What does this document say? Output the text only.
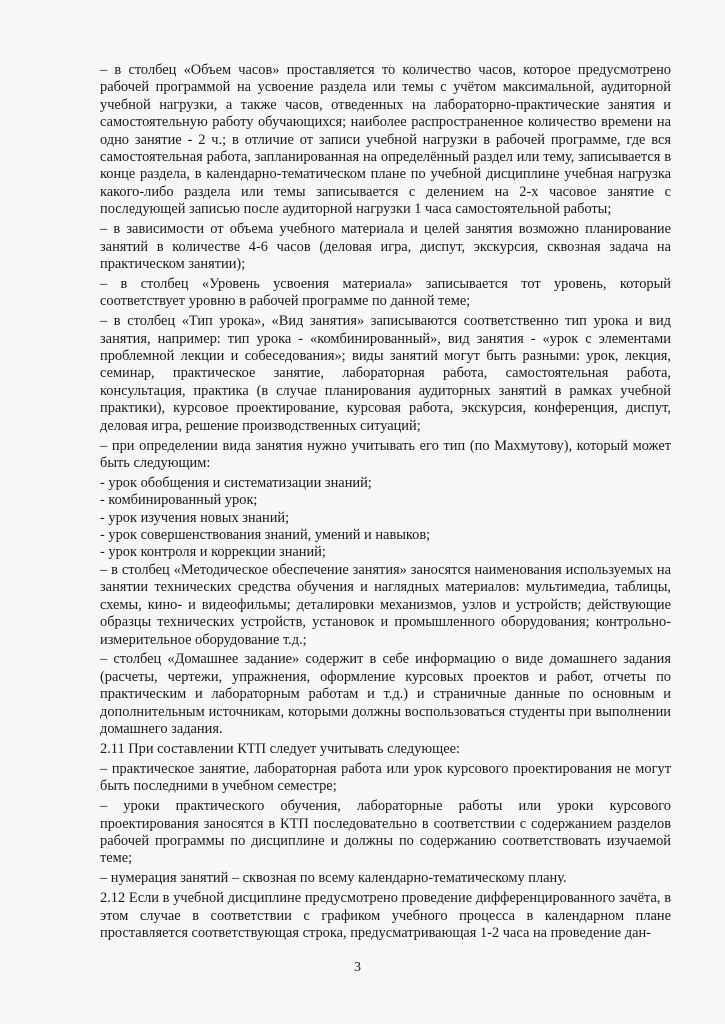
– в столбец «Объем часов» проставляется то количество часов, которое предусмотрено рабочей программой на усвоение раздела или темы с учётом максимальной, аудиторной учебной нагрузки, а также часов, отведенных на лабораторно-практические занятия и самостоятельную работу обучающихся; наиболее распространенное количество времени на одно занятие - 2 ч.; в отличие от записи учебной нагрузки в рабочей программе, где вся самостоятельная работа, запланированная на определённый раздел или тему, записывается в конце раздела, в календарно-тематическом плане по учебной дисциплине учебная нагрузка какого-либо раздела или темы записывается с делением на 2-х часовое занятие с последующей записью после аудиторной нагрузки 1 часа самостоятельной работы;

– в зависимости от объема учебного материала и целей занятия возможно планирование занятий в количестве 4-6 часов (деловая игра, диспут, экскурсия, сквозная задача на практическом занятии);

– в столбец «Уровень усвоения материала» записывается тот уровень, который соответствует уровню в рабочей программе по данной теме;

– в столбец «Тип урока», «Вид занятия» записываются соответственно тип урока и вид занятия, например: тип урока - «комбинированный», вид занятия - «урок с элементами проблемной лекции и собеседования»; виды занятий могут быть разными: урок, лекция, семинар, практическое занятие, лабораторная работа, самостоятельная работа, консультация, практика (в случае планирования аудиторных занятий в рамках учебной практики), курсовое проектирование, курсовая работа, экскурсия, конференция, диспут, деловая игра, решение производственных ситуаций;

– при определении вида занятия нужно учитывать его тип (по Махмутову), который может быть следующим:

- урок обобщения и систематизации знаний;

- комбинированный урок;

- урок изучения новых знаний;

- урок совершенствования знаний, умений и навыков;

- урок контроля и коррекции знаний;

– в столбец «Методическое обеспечение занятия» заносятся наименования используемых на занятии технических средства обучения и наглядных материалов: мультимедиа, таблицы, схемы, кино- и видеофильмы; деталировки механизмов, узлов и устройств; действующие образцы технических устройств, установок и промышленного оборудования; контрольно-измерительное оборудование т.д.;

– столбец «Домашнее задание» содержит в себе информацию о виде домашнего задания (расчеты, чертежи, упражнения, оформление курсовых проектов и работ, отчеты по практическим и лабораторным работам и т.д.) и страничные данные по основным и дополнительным источникам, которыми должны воспользоваться студенты при выполнении домашнего задания.

2.11 При составлении КТП следует учитывать следующее:

– практическое занятие, лабораторная работа или урок курсового проектирования не могут быть последними в учебном семестре;

– уроки практического обучения, лабораторные работы или уроки курсового проектирования заносятся в КТП последовательно в соответствии с содержанием разделов рабочей программы по дисциплине и должны по содержанию соответствовать изучаемой теме;

– нумерация занятий – сквозная по всему календарно-тематическому плану.

2.12 Если в учебной дисциплине предусмотрено проведение дифференцированного зачёта, в этом случае в соответствии с графиком учебного процесса в календарном плане проставляется соответствующая строка, предусматривающая 1-2 часа на проведение дан-

3
